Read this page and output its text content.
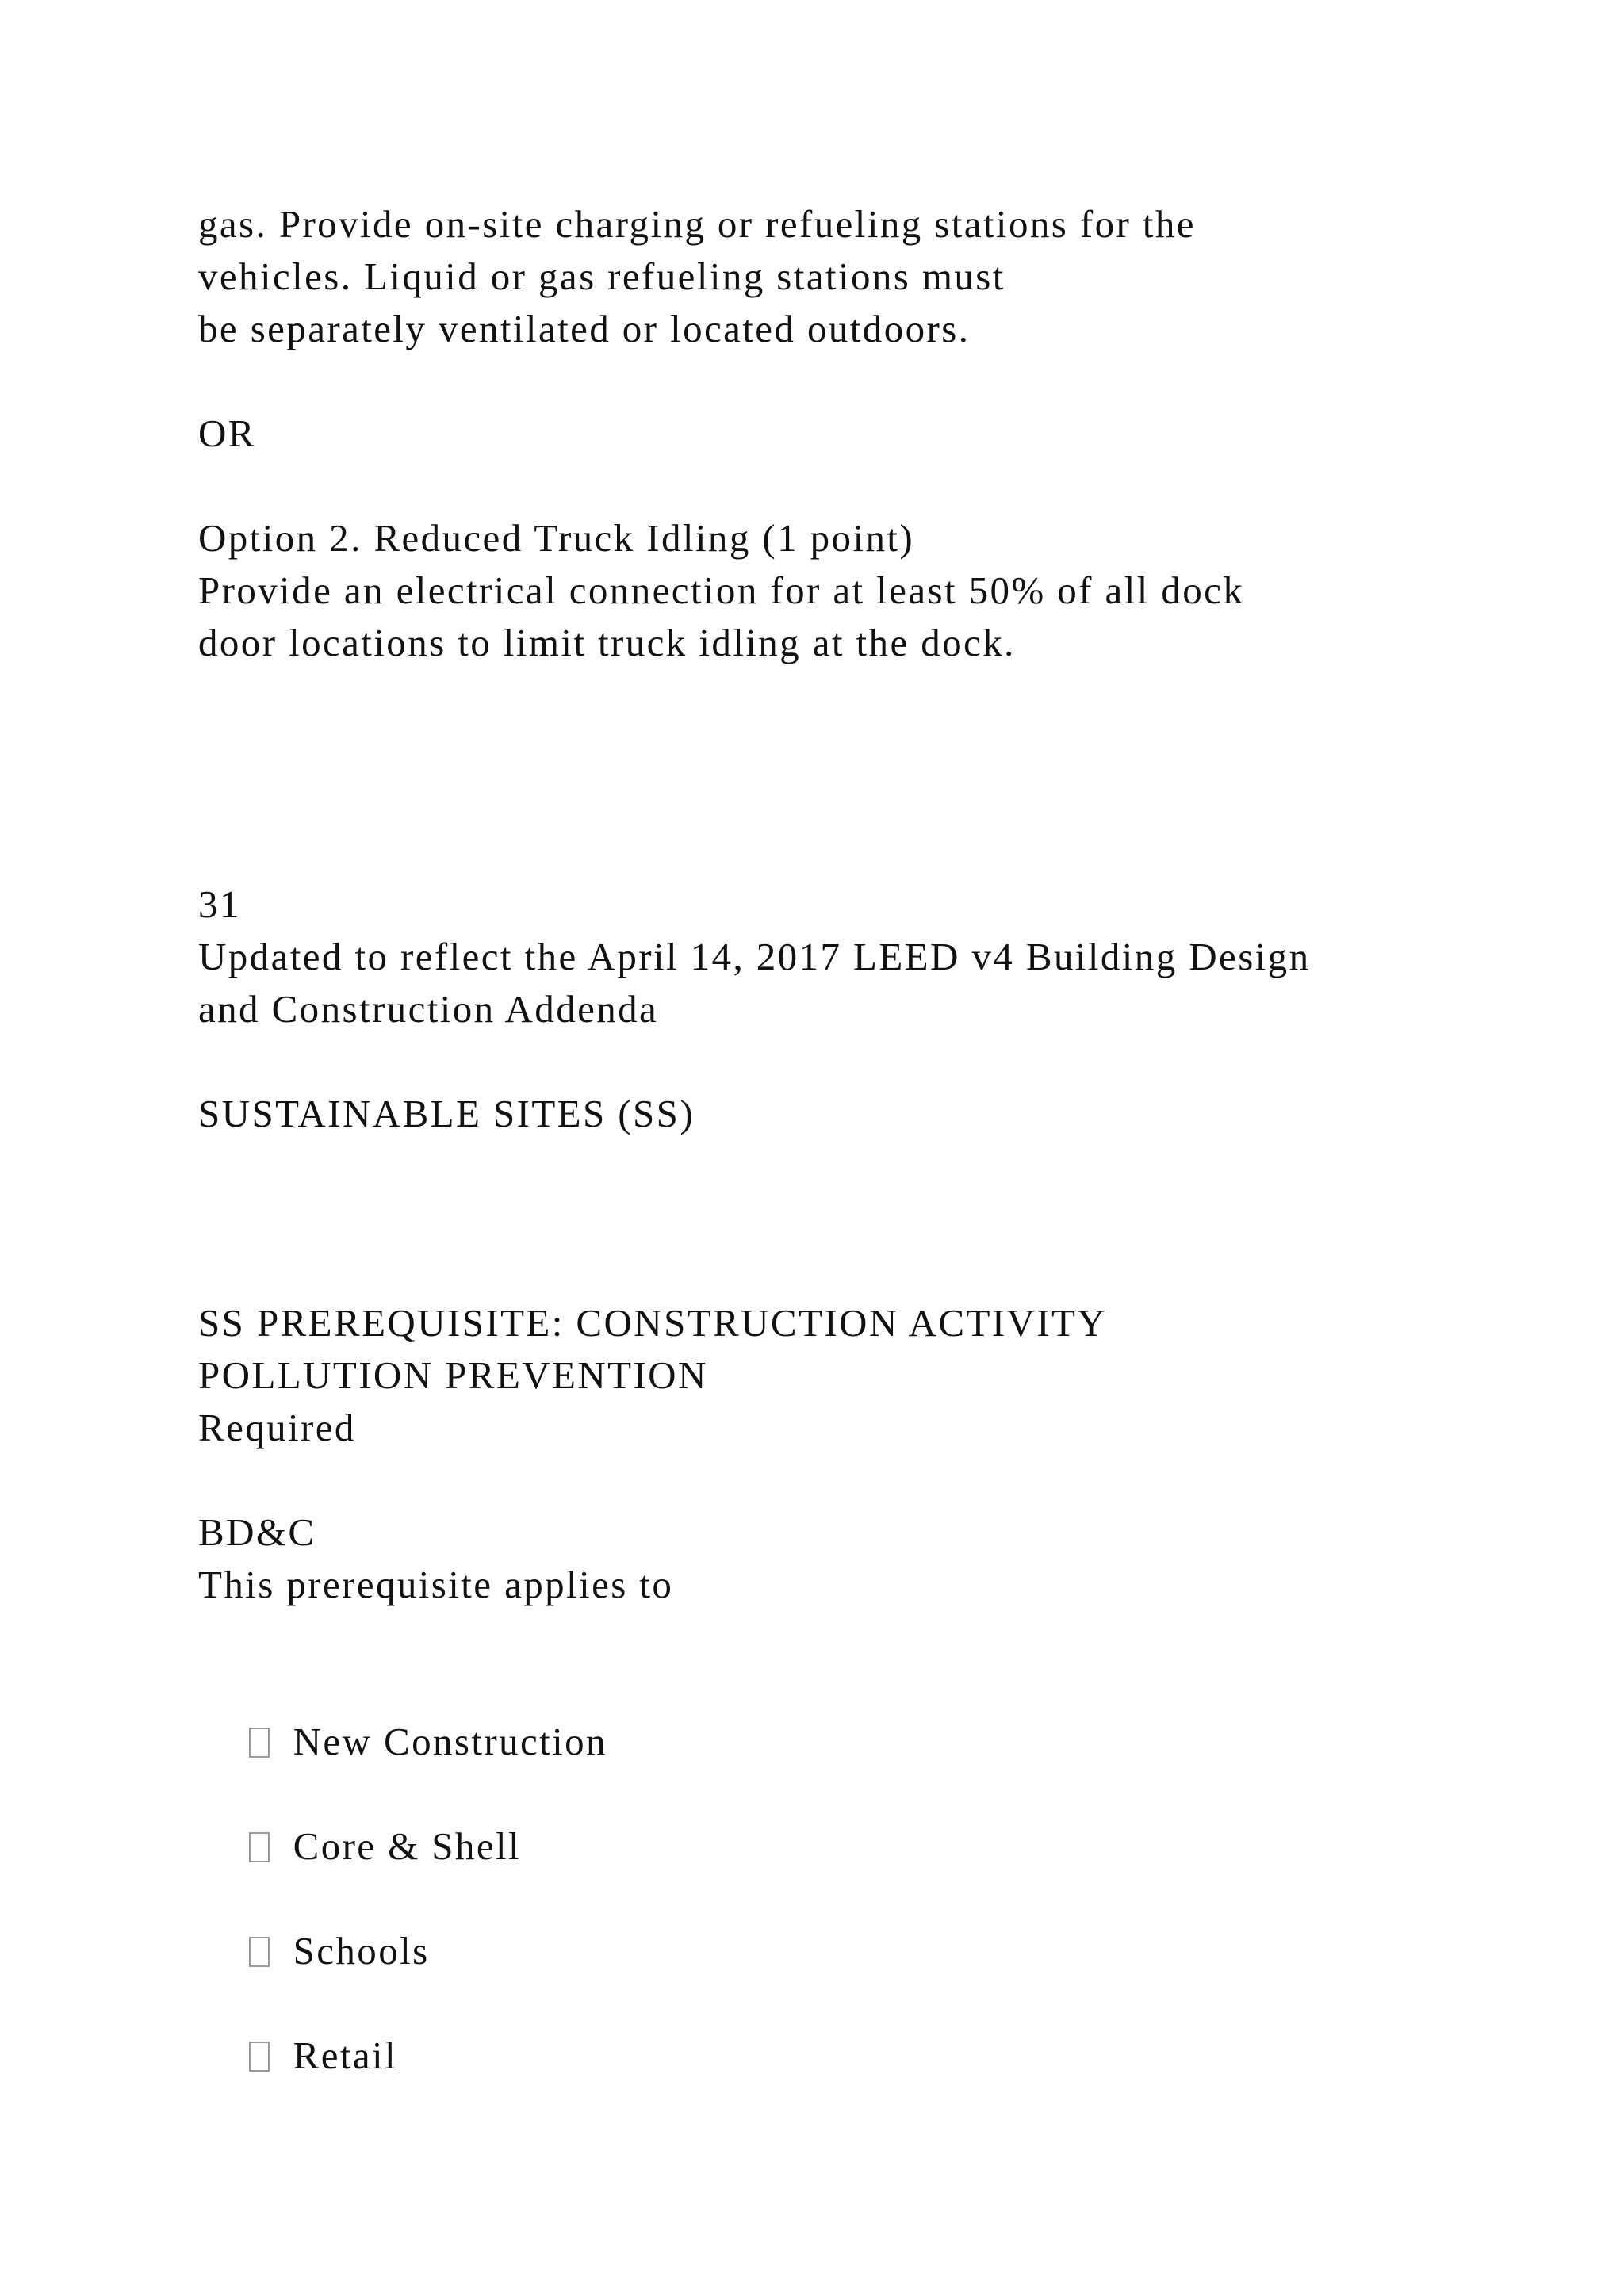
gas. Provide on-site charging or refueling stations for the
vehicles. Liquid or gas refueling stations must
be separately ventilated or located outdoors.
OR
Option 2. Reduced Truck Idling (1 point)
Provide an electrical connection for at least 50% of all dock
door locations to limit truck idling at the dock.
31
Updated to reflect the April 14, 2017 LEED v4 Building Design
and Construction Addenda
SUSTAINABLE SITES (SS)
SS PREREQUISITE: CONSTRUCTION ACTIVITY
POLLUTION PREVENTION
Required
BD&C
This prerequisite applies to

New Construction

Core & Shell

Schools

Retail
